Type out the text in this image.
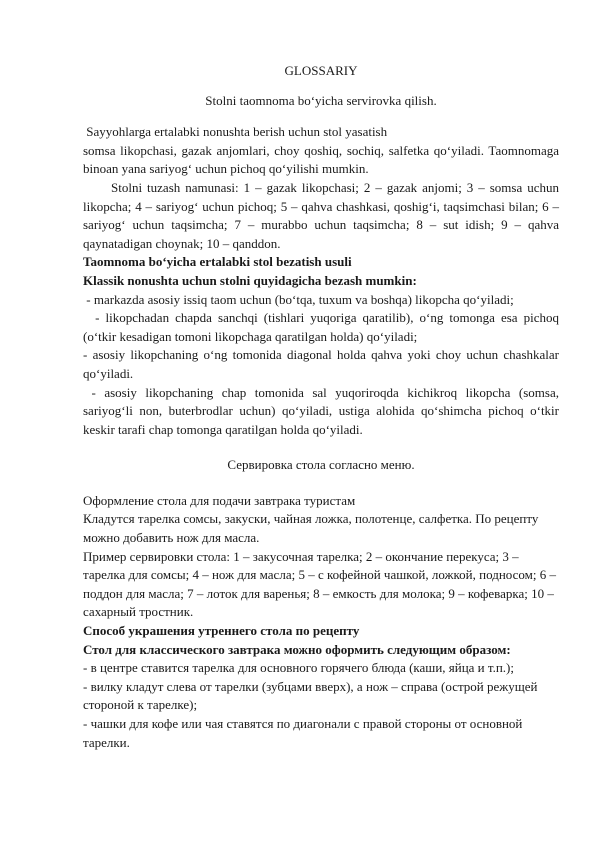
GLOSSARIY

Stolni taomnoma bo‘yicha servirovka qilish.

Sayyohlarga ertalabki nonushta berish uchun stol yasatish

somsa likopchasi, gazak anjomlari, choy qoshiq, sochiq, salfetka qo‘yiladi. Taomnomaga binoan yana sariyog‘ uchun pichoq qo‘yilishi mumkin.

Stolni tuzash namunasi: 1 – gazak likopchasi; 2 – gazak anjomi; 3 – somsa uchun likopcha; 4 – sariyog‘ uchun pichoq; 5 – qahva chashkasi, qoshig‘i, taqsimchasi bilan; 6 – sariyog‘ uchun taqsimcha; 7 – murabbo uchun taqsimcha; 8 – sut idish; 9 – qahva qaynatadigan choynak; 10 – qanddon.

Taomnoma bo‘yicha ertalabki stol bezatish usuli

Klassik nonushta uchun stolni quyidagicha bezash mumkin:

- markazda asosiy issiq taom uchun (bo‘tqa, tuxum va boshqa) likopcha qo‘yiladi;

- likopchadan chapda sanchqi (tishlari yuqoriga qaratilib), o‘ng tomonga esa pichoq (o‘tkir kesadigan tomoni likopchaga qaratilgan holda) qo‘yiladi;

- asosiy likopchaning o‘ng tomonida diagonal holda qahva yoki choy uchun chashkalar qo‘yiladi.

- asosiy likopchaning chap tomonida sal yuqoriroqda kichikroq likopcha (somsa, sariyog‘li non, buterbrodlar uchun) qo‘yiladi, ustiga alohida qo‘shimcha pichoq o‘tkir keskir tarafi chap tomonga qaratilgan holda qo‘yiladi.

Сервировка стола согласно меню.

Оформление стола для подачи завтрака туристам

Кладутся тарелка сомсы, закуски, чайная ложка, полотенце, салфетка. По рецепту можно добавить нож для масла.

Пример сервировки стола: 1 – закусочная тарелка; 2 – окончание перекуса; 3 – тарелка для сомсы; 4 – нож для масла; 5 – с кофейной чашкой, ложкой, подносом; 6 – поддон для масла; 7 – лоток для варенья; 8 – емкость для молока; 9 – кофеварка; 10 – сахарный тростник.

Способ украшения утреннего стола по рецепту

Стол для классического завтрака можно оформить следующим образом:

- в центре ставится тарелка для основного горячего блюда (каши, яйца и т.п.);

- вилку кладут слева от тарелки (зубцами вверх), а нож – справа (острой режущей стороной к тарелке);

- чашки для кофе или чая ставятся по диагонали с правой стороны от основной тарелки.
